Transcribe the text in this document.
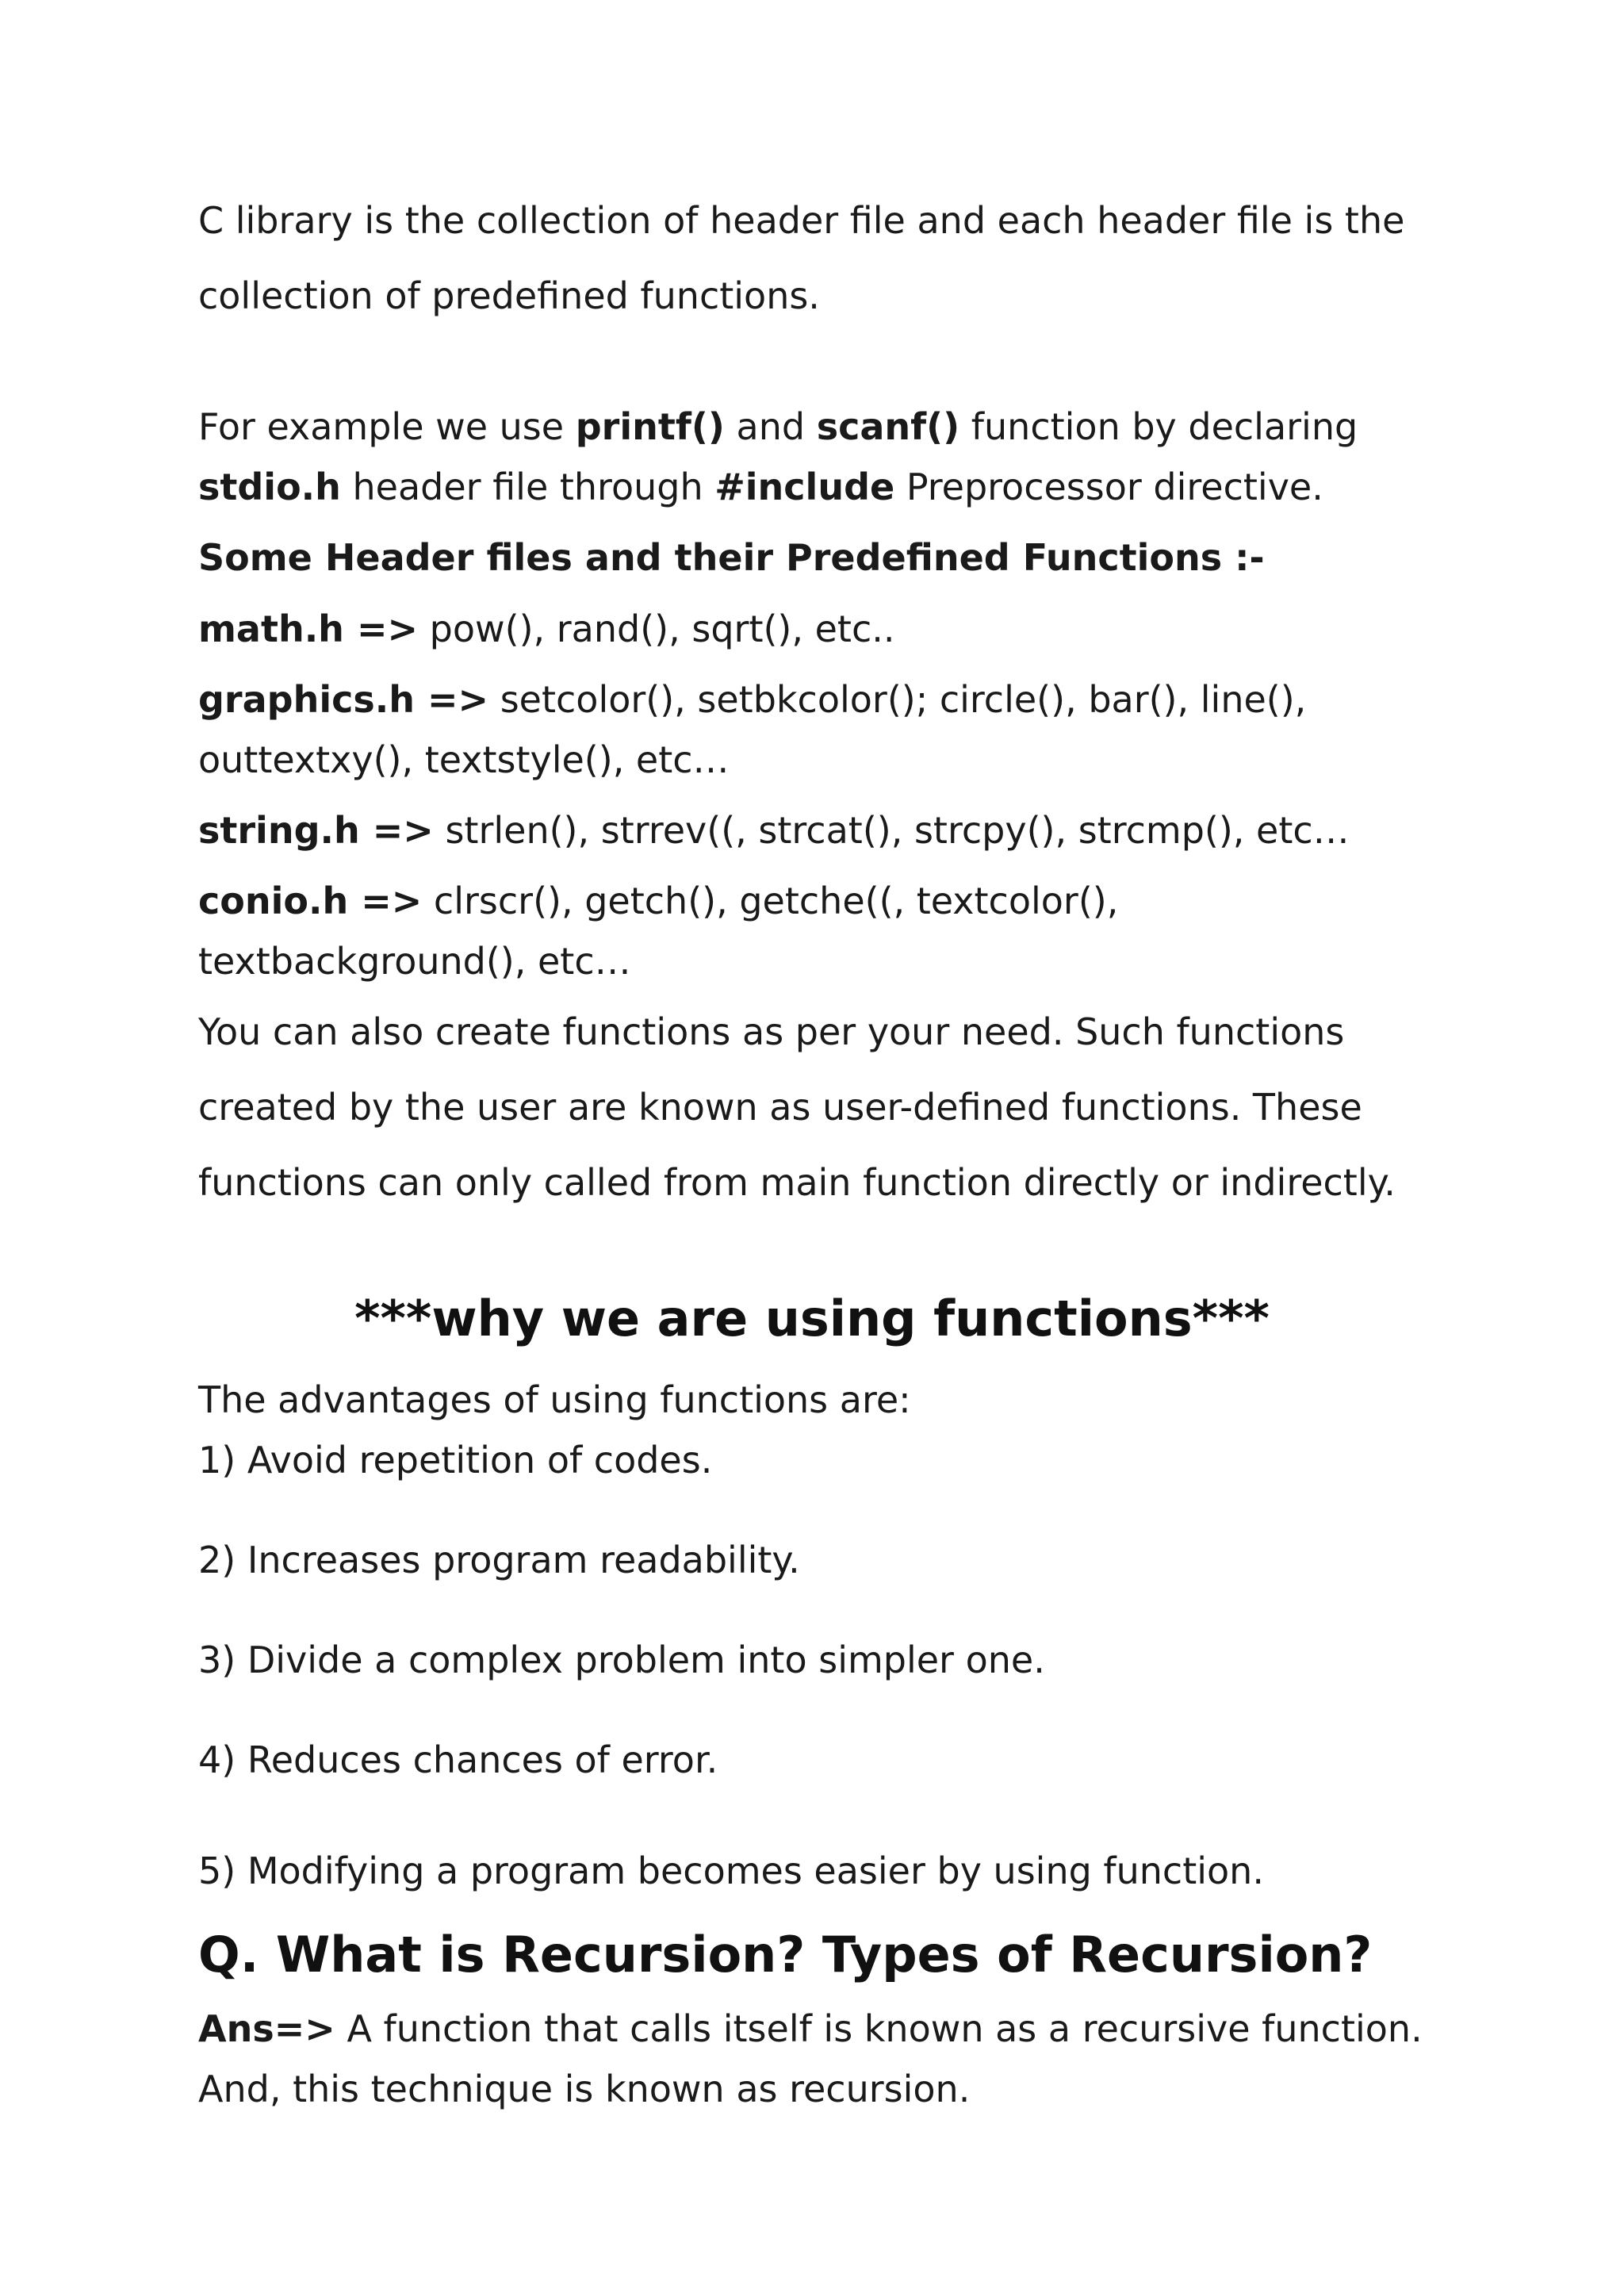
C library is the collection of header file and each header file is the

collection of predefined functions.

For example we use printf() and scanf() function by declaring

stdio.h header file through #include Preprocessor directive.

Some Header files and their Predefined Functions :-

math.h => pow(), rand(), sqrt(), etc..

graphics.h => setcolor(), setbkcolor(); circle(), bar(), line(),

outtextxy(), textstyle(), etc…

string.h => strlen(), strrev((, strcat(), strcpy(), strcmp(), etc…

conio.h => clrscr(), getch(), getche((, textcolor(),

textbackground(), etc…

You can also create functions as per your need. Such functions

created by the user are known as user-defined functions. These

functions can only called from main function directly or indirectly.

***why we are using functions***

The advantages of using functions are:

1) Avoid repetition of codes.

2) Increases program readability.

3) Divide a complex problem into simpler one.

4) Reduces chances of error.

5) Modifying a program becomes easier by using function.

Q. What is Recursion? Types of Recursion?

Ans=> A function that calls itself is known as a recursive function.

And, this technique is known as recursion.
